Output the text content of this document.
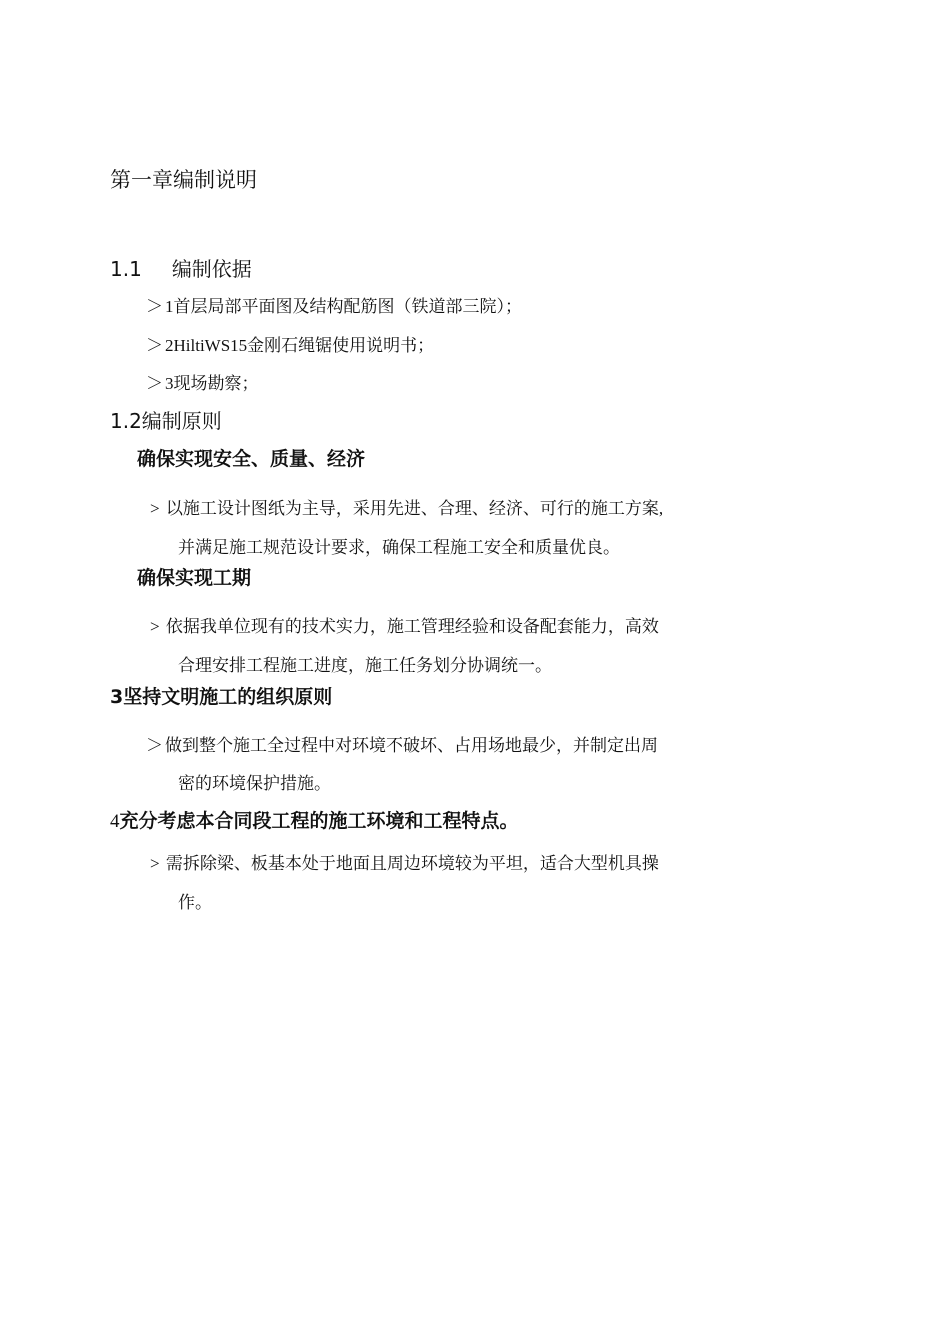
第一章编制说明
1.1 编制依据
＞ 1首层局部平面图及结构配筋图（铁道部三院）；
＞ 2HiltiWS15金刚石绳锯使用说明书；
＞ 3现场勘察；
1.2编制原则
确保实现安全、质量、经济
> 以施工设计图纸为主导，采用先进、合理、经济、可行的施工方案,
并满足施工规范设计要求，确保工程施工安全和质量优良。
确保实现工期
> 依据我单位现有的技术实力，施工管理经验和设备配套能力，高效
合理安排工程施工进度，施工任务划分协调统一。
3坚持文明施工的组织原则
＞ 做到整个施工全过程中对环境不破坏、占用场地最少，并制定出周
密的环境保护措施。
4充分考虑本合同段工程的施工环境和工程特点。
> 需拆除梁、板基本处于地面且周边环境较为平坦，适合大型机具操
作。
